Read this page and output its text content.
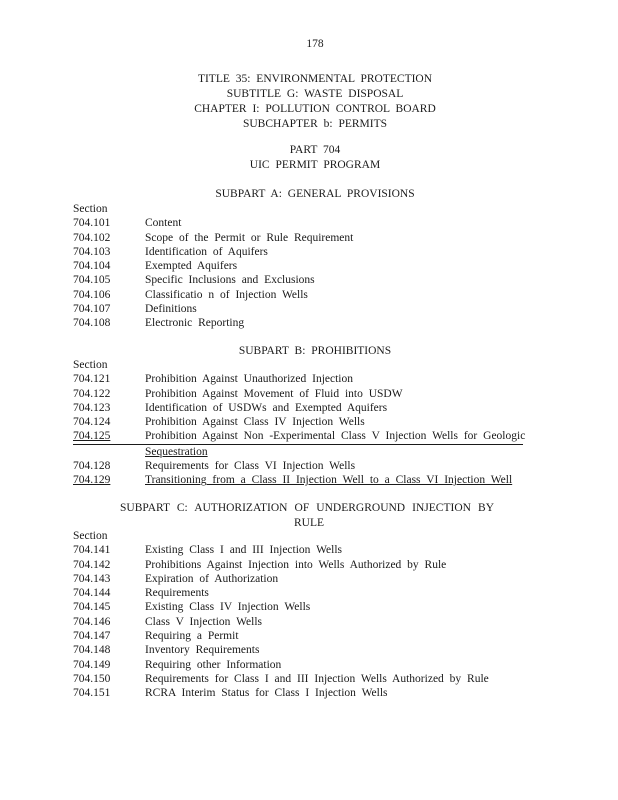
178
TITLE 35: ENVIRONMENTAL PROTECTION
SUBTITLE G: WASTE DISPOSAL
CHAPTER I: POLLUTION CONTROL BOARD
SUBCHAPTER b: PERMITS
PART 704
UIC PERMIT PROGRAM
SUBPART A: GENERAL PROVISIONS
Section
704.101	Content
704.102	Scope of the Permit or Rule Requirement
704.103	Identification of Aquifers
704.104	Exempted Aquifers
704.105	Specific Inclusions and Exclusions
704.106	Classificatio n of Injection Wells
704.107	Definitions
704.108	Electronic Reporting
SUBPART B: PROHIBITIONS
Section
704.121	Prohibition Against Unauthorized Injection
704.122	Prohibition Against Movement of Fluid into USDW
704.123	Identification of USDWs and Exempted Aquifers
704.124	Prohibition Against Class IV Injection Wells
704.125	Prohibition Against Non -Experimental Class V Injection Wells for Geologic
Sequestration
704.128	Requirements for Class VI Injection Wells
704.129	Transitioning from a Class II Injection Well to a Class VI Injection Well
SUBPART C: AUTHORIZATION OF UNDERGROUND INJECTION BY
RULE
Section
704.141	Existing Class I and III Injection Wells
704.142	Prohibitions Against Injection into Wells Authorized by Rule
704.143	Expiration of Authorization
704.144	Requirements
704.145	Existing Class IV Injection Wells
704.146	Class V Injection Wells
704.147	Requiring a Permit
704.148	Inventory Requirements
704.149	Requiring other Information
704.150	Requirements for Class I and III Injection Wells Authorized by Rule
704.151	RCRA Interim Status for Class I Injection Wells
